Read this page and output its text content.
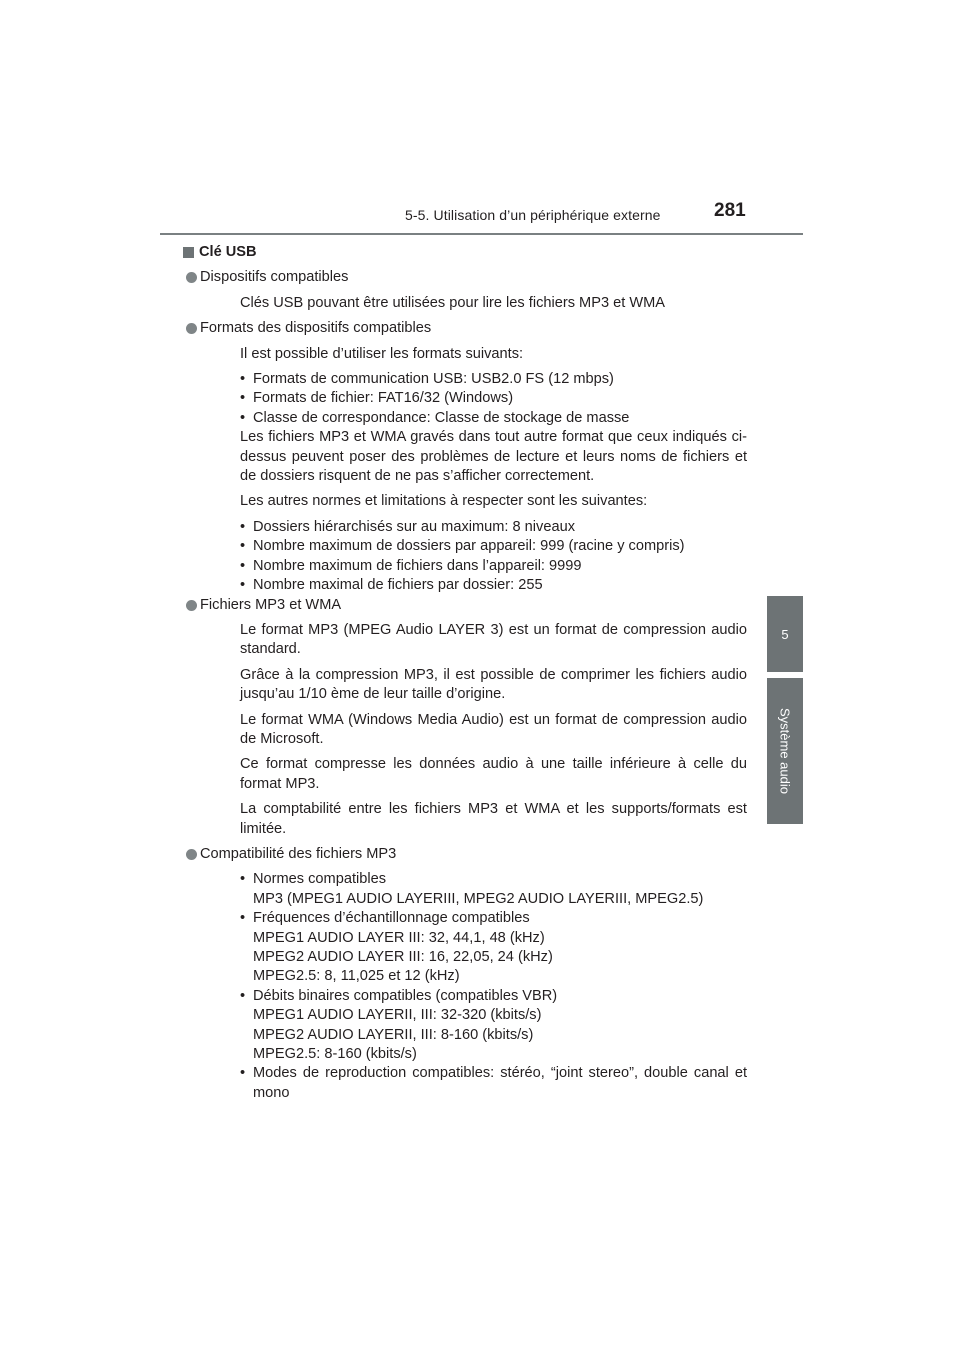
5-5. Utilisation d’un périphérique externe	281
5
Système audio
Clé USB
Dispositifs compatibles
Clés USB pouvant être utilisées pour lire les fichiers MP3 et WMA
Formats des dispositifs compatibles
Il est possible d’utiliser les formats suivants:
• Formats de communication USB: USB2.0 FS (12 mbps)
• Formats de fichier: FAT16/32 (Windows)
• Classe de correspondance: Classe de stockage de masse
Les fichiers MP3 et WMA gravés dans tout autre format que ceux indiqués ci-dessus peuvent poser des problèmes de lecture et leurs noms de fichiers et de dossiers risquent de ne pas s’afficher correctement.
Les autres normes et limitations à respecter sont les suivantes:
• Dossiers hiérarchisés sur au maximum: 8 niveaux
• Nombre maximum de dossiers par appareil: 999 (racine y compris)
• Nombre maximum de fichiers dans l’appareil: 9999
• Nombre maximal de fichiers par dossier: 255
Fichiers MP3 et WMA
Le format MP3 (MPEG Audio LAYER 3) est un format de compression audio standard.
Grâce à la compression MP3, il est possible de comprimer les fichiers audio jusqu’au 1/10 ème de leur taille d’origine.
Le format WMA (Windows Media Audio) est un format de compression audio de Microsoft.
Ce format compresse les données audio à une taille inférieure à celle du format MP3.
La comptabilité entre les fichiers MP3 et WMA et les supports/formats est limitée.
Compatibilité des fichiers MP3
• Normes compatibles
MP3 (MPEG1 AUDIO LAYERIII, MPEG2 AUDIO LAYERIII, MPEG2.5)
• Fréquences d’échantillonnage compatibles
MPEG1 AUDIO LAYER III: 32, 44,1, 48 (kHz)
MPEG2 AUDIO LAYER III: 16, 22,05, 24 (kHz)
MPEG2.5: 8, 11,025 et 12 (kHz)
• Débits binaires compatibles (compatibles VBR)
MPEG1 AUDIO LAYERII, III: 32-320 (kbits/s)
MPEG2 AUDIO LAYERII, III: 8-160 (kbits/s)
MPEG2.5: 8-160 (kbits/s)
• Modes de reproduction compatibles: stéréo, “joint stereo”, double canal et mono
